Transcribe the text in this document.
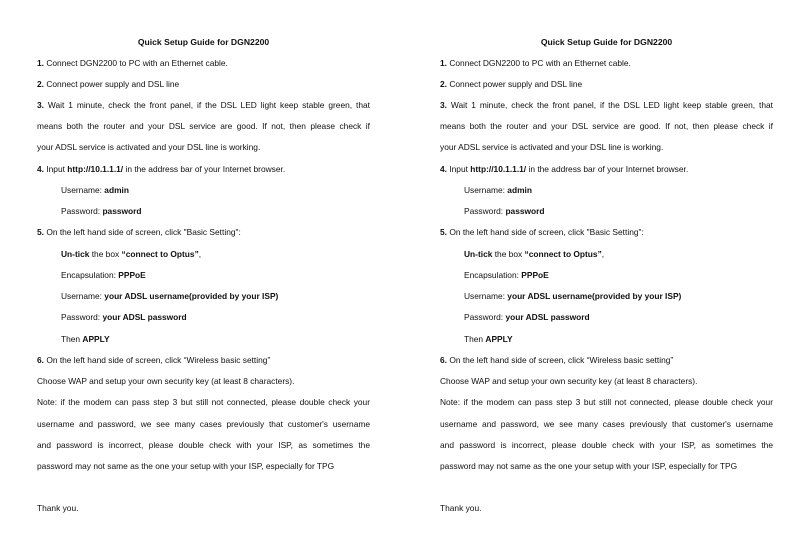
Quick Setup Guide for DGN2200
1. Connect DGN2200 to PC with an Ethernet cable.
2. Connect power supply and DSL line
3. Wait 1 minute, check the front panel, if the DSL LED light keep stable green, that
means both the router and your DSL service are good. If not, then please check if
your ADSL service is activated and your DSL line is working.
4. Input http://10.1.1.1/ in the address bar of your Internet browser.
Username: admin
Password: password
5. On the left hand side of screen, click "Basic Setting":
Un-tick the box “connect to Optus”,
Encapsulation: PPPoE
Username: your ADSL username(provided by your ISP)
Password: your ADSL password
Then APPLY
6. On the left hand side of screen, click “Wireless basic setting”
Choose WAP and setup your own security key (at least 8 characters).
Note: if the modem can pass step 3 but still not connected, please double check your
username and password, we see many cases previously that customer's username
and password is incorrect, please double check with your ISP, as sometimes the
password may not same as the one your setup with your ISP, especially for TPG
Thank you.
Quick Setup Guide for DGN2200
1. Connect DGN2200 to PC with an Ethernet cable.
2. Connect power supply and DSL line
3. Wait 1 minute, check the front panel, if the DSL LED light keep stable green, that
means both the router and your DSL service are good. If not, then please check if
your ADSL service is activated and your DSL line is working.
4. Input http://10.1.1.1/ in the address bar of your Internet browser.
Username: admin
Password: password
5. On the left hand side of screen, click "Basic Setting":
Un-tick the box “connect to Optus”,
Encapsulation: PPPoE
Username: your ADSL username(provided by your ISP)
Password: your ADSL password
Then APPLY
6. On the left hand side of screen, click “Wireless basic setting”
Choose WAP and setup your own security key (at least 8 characters).
Note: if the modem can pass step 3 but still not connected, please double check your
username and password, we see many cases previously that customer's username
and password is incorrect, please double check with your ISP, as sometimes the
password may not same as the one your setup with your ISP, especially for TPG
Thank you.
